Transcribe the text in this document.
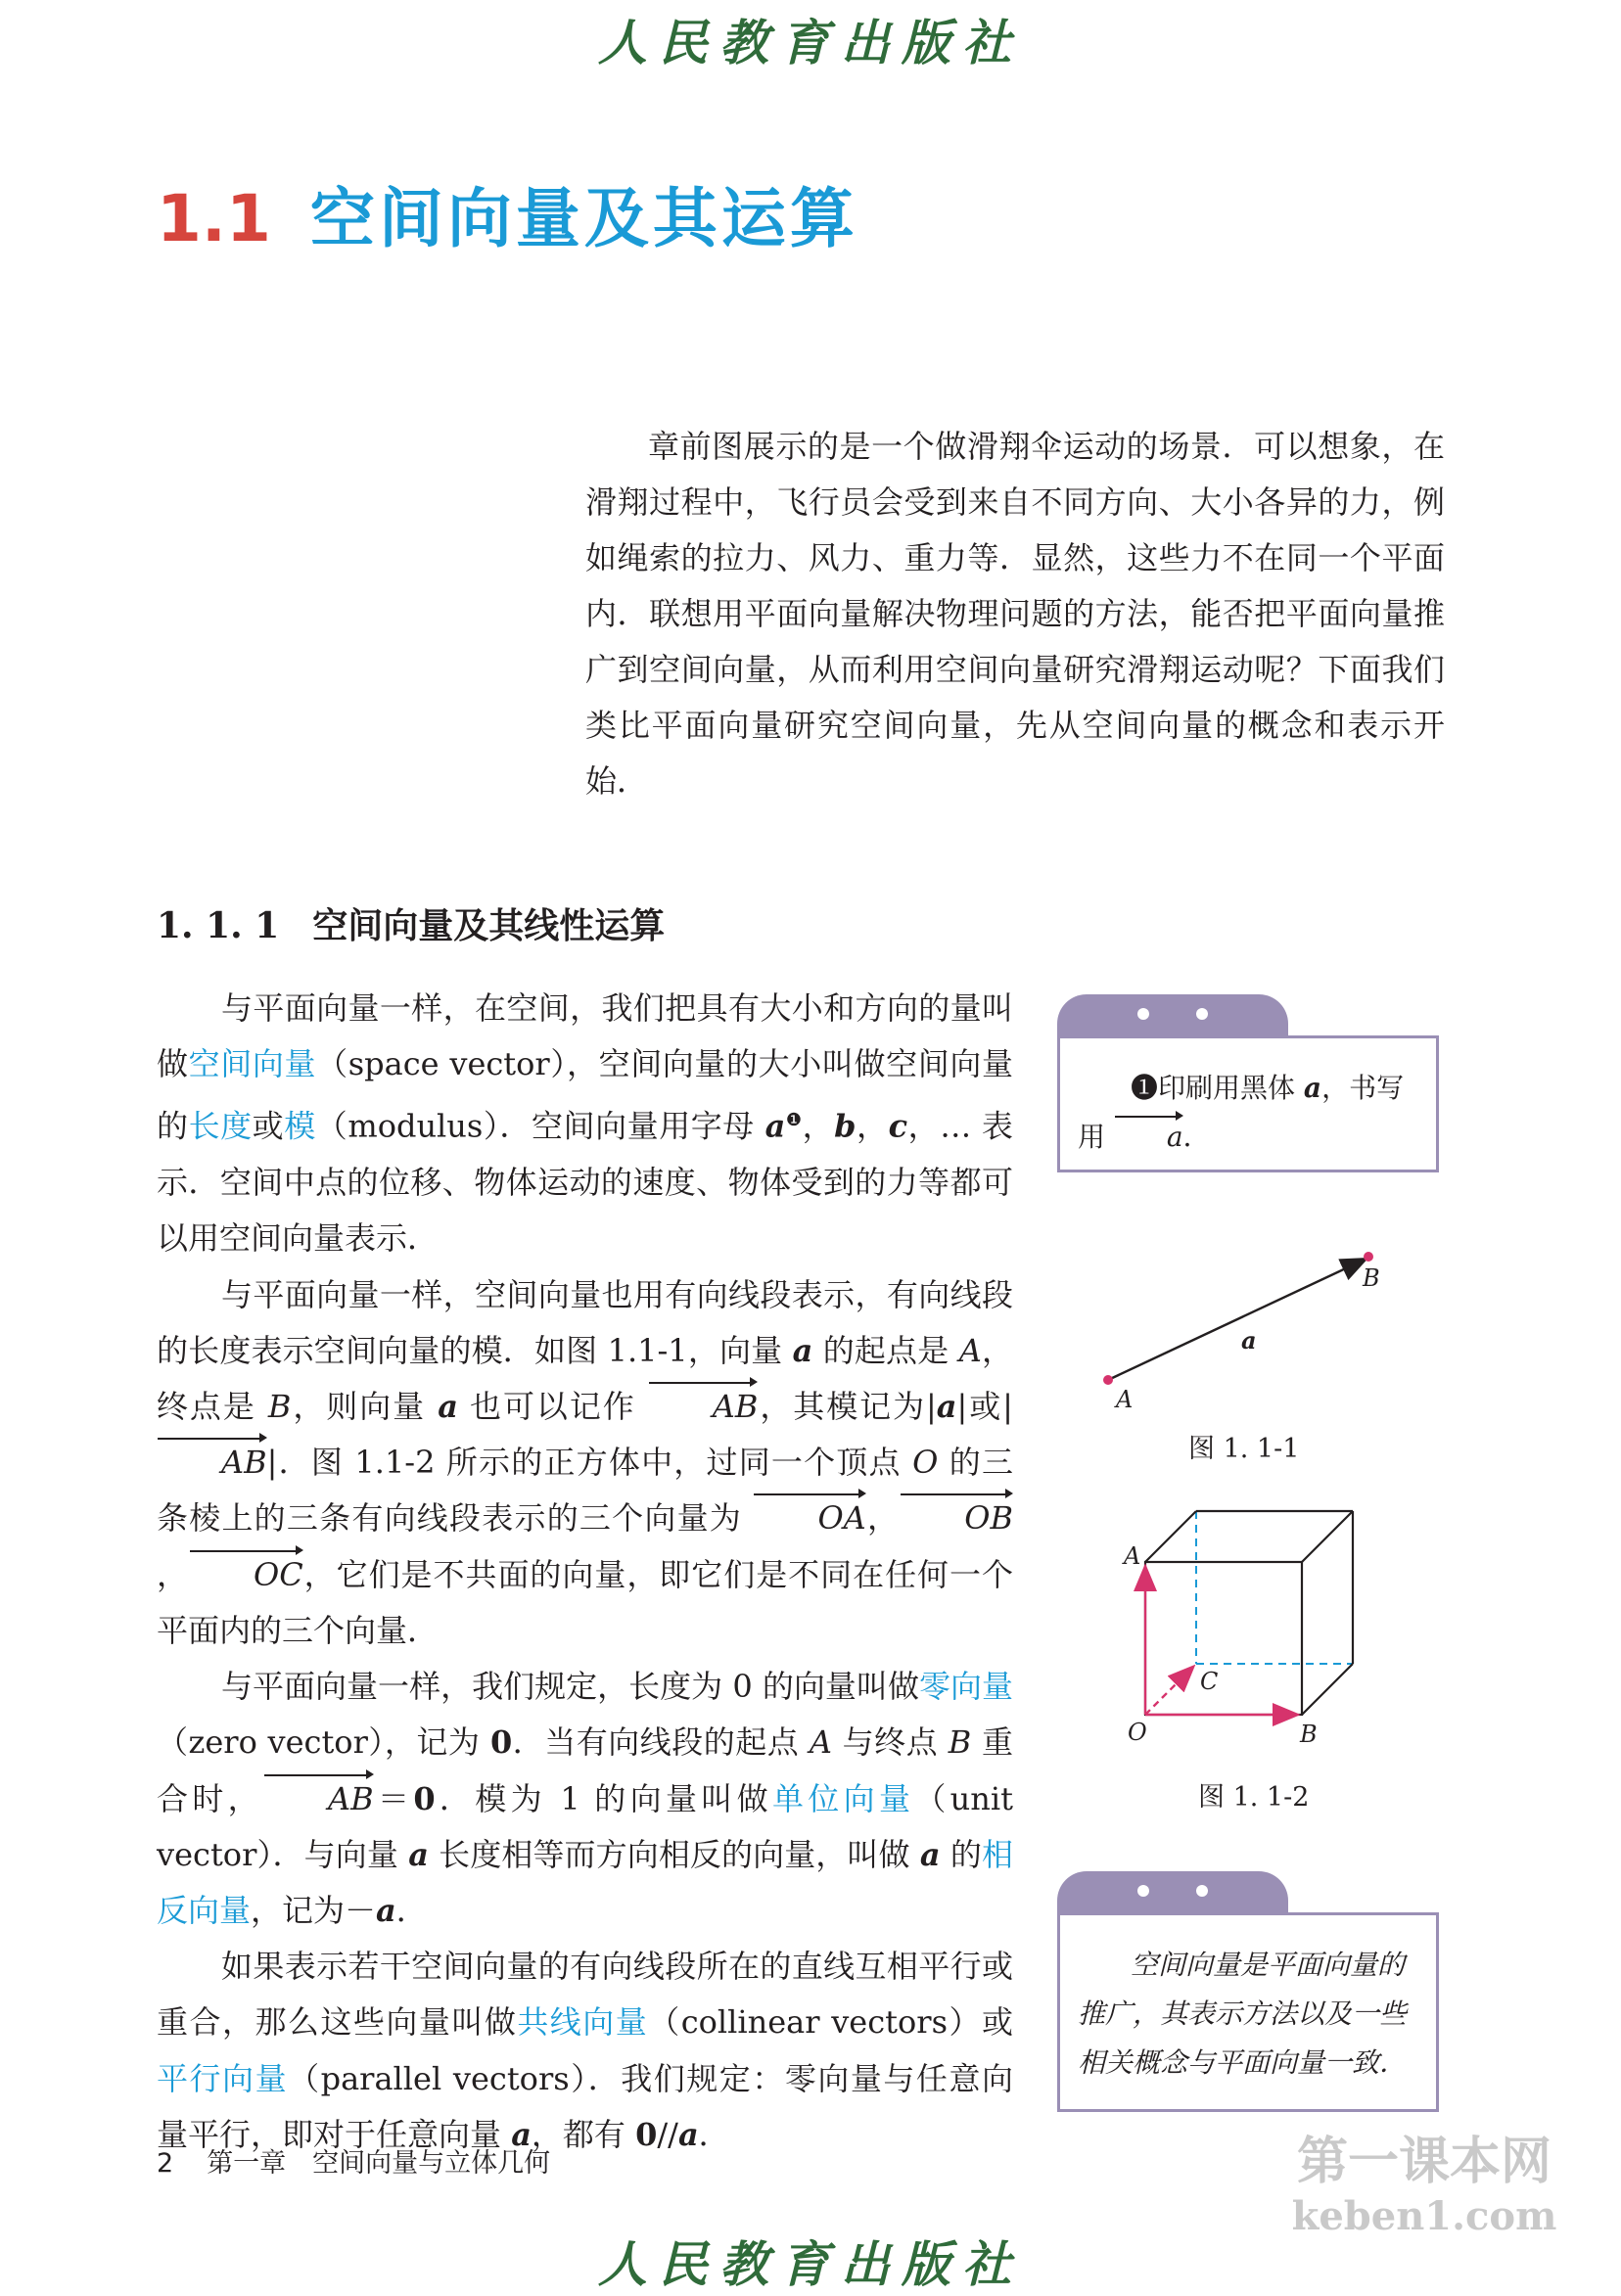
人民教育出版社
1.1 空间向量及其运算

章前图展示的是一个做滑翔伞运动的场景．可以想象，在滑翔过程中，飞行员会受到来自不同方向、大小各异的力，例如绳索的拉力、风力、重力等．显然，这些力不在同一个平面内．联想用平面向量解决物理问题的方法，能否把平面向量推广到空间向量，从而利用空间向量研究滑翔运动呢？下面我们类比平面向量研究空间向量，先从空间向量的概念和表示开始．

1. 1. 1 空间向量及其线性运算

与平面向量一样，在空间，我们把具有大小和方向的量叫做空间向量（space vector），空间向量的大小叫做空间向量的长度或模（modulus）．空间向量用字母 a$^❶$，b，c，… 表示．空间中点的位移、物体运动的速度、物体受到的力等都可以用空间向量表示．

与平面向量一样，空间向量也用有向线段表示，有向线段的长度表示空间向量的模．如图 1.1-1，向量 a 的起点是 A，终点是 B，则向量 a 也可以记作 AB，其模记为|a|或|AB|．图 1.1-2 所示的正方体中，过同一个顶点 O 的三条棱上的三条有向线段表示的三个向量为 OA， OB， OC，它们是不共面的向量，即它们是不同在任何一个平面内的三个向量．

与平面向量一样，我们规定，长度为 0 的向量叫做零向量（zero vector），记为 0．当有向线段的起点 A 与终点 B 重合时， AB＝0．模为 1 的向量叫做单位向量（unit vector）．与向量 a 长度相等而方向相反的向量，叫做 a 的相反向量，记为－a．

如果表示若干空间向量的有向线段所在的直线互相平行或重合，那么这些向量叫做共线向量（collinear vectors）或平行向量（parallel vectors）．我们规定：零向量与任意向量平行，即对于任意向量 a，都有 0//a．

❶印刷用黑体 a，书写用 a．

A
B
a
图 1. 1-1
A
B
C
O
图 1. 1-2

空间向量是平面向量的推广，其表示方法以及一些相关概念与平面向量一致．

2 第一章　空间向量与立体几何	第一课本网
keben1.com
人民教育出版社
